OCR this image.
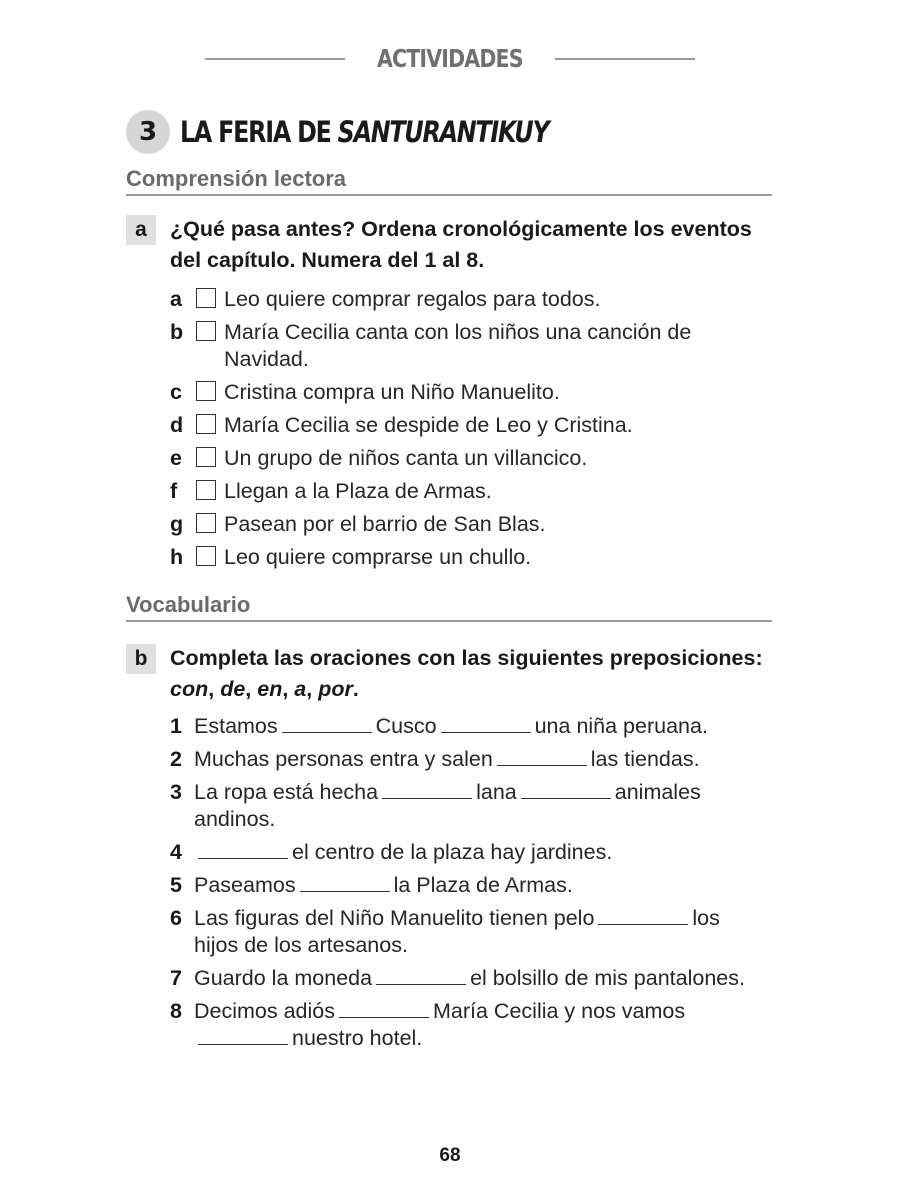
ACTIVIDADES
3 LA FERIA DE SANTURANTIKUY
Comprensión lectora
a	¿Qué pasa antes? Ordena cronológicamente los eventos del capítulo. Numera del 1 al 8.
a	Leo quiere comprar regalos para todos.
b	María Cecilia canta con los niños una canción de Navidad.
c	Cristina compra un Niño Manuelito.
d	María Cecilia se despide de Leo y Cristina.
e	Un grupo de niños canta un villancico.
f	Llegan a la Plaza de Armas.
g	Pasean por el barrio de San Blas.
h	Leo quiere comprarse un chullo.
Vocabulario
b	Completa las oraciones con las siguientes preposiciones: con, de, en, a, por.
1 Estamos	Cusco	una niña peruana.
2 Muchas personas entra y salen	las tiendas.
3 La ropa está hecha	lana	animales andinos.
4	el centro de la plaza hay jardines.
5 Paseamos	la Plaza de Armas.
6 Las figuras del Niño Manuelito tienen pelo	los hijos de los artesanos.
7 Guardo la moneda	el bolsillo de mis pantalones.
8 Decimos adiós	María Cecilia y nos vamosnuestro hotel.
68
